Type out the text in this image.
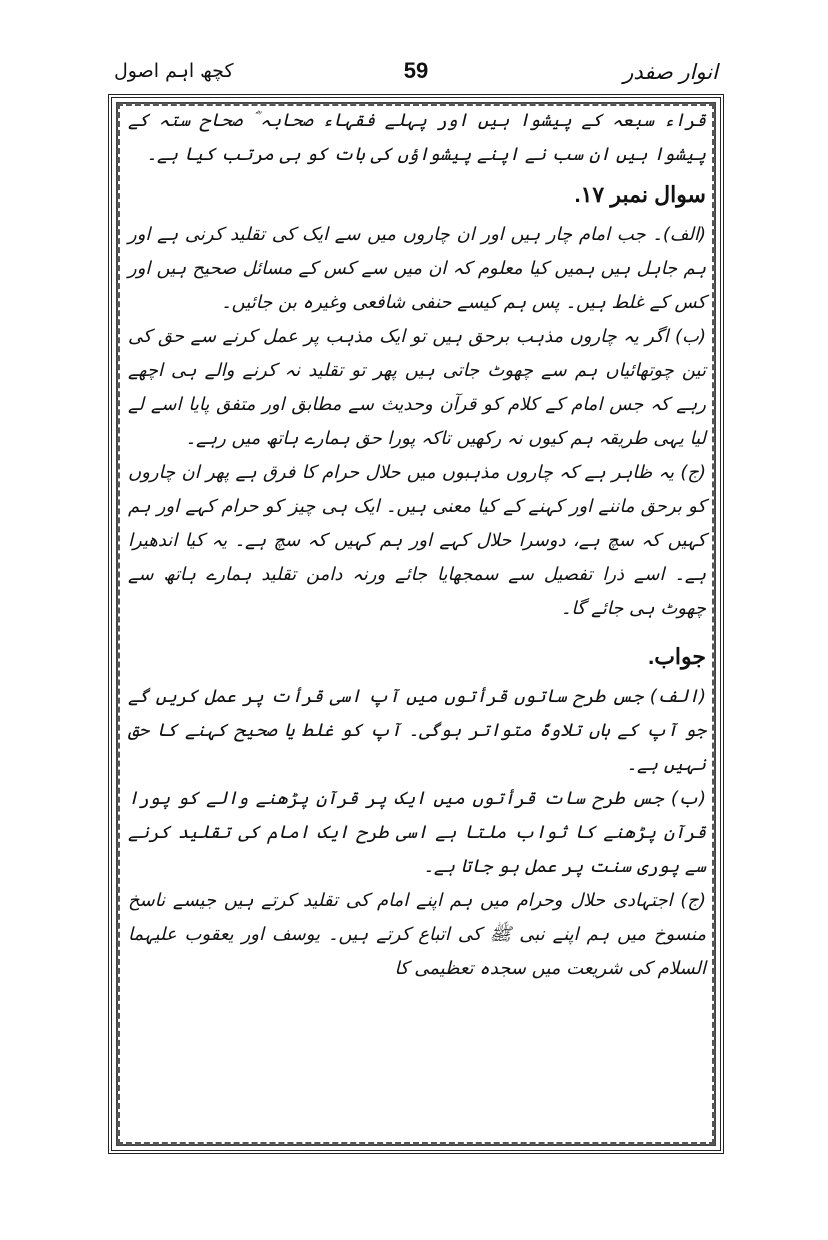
انوار صفدر
59
کچھ اہم اصول

قراء سبعہ کے پیشوا ہیں اور پہلے فقہاء صحابہ ؓ صحاح ستہ کے پیشوا ہیں ان سب نے اپنے پیشواؤں کی بات کو ہی مرتب کیا ہے۔

سوال نمبر ۱۷.

(الف)۔ جب امام چار ہیں اور ان چاروں میں سے ایک کی تقلید کرنی ہے اور ہم جاہل ہیں ہمیں کیا معلوم کہ ان میں سے کس کے مسائل صحیح ہیں اور کس کے غلط ہیں۔ پس ہم کیسے حنفی شافعی وغیرہ بن جائیں۔

(ب) اگر یہ چاروں مذہب برحق ہیں تو ایک مذہب پر عمل کرنے سے حق کی تین چوتھائیاں ہم سے چھوٹ جاتی ہیں پھر تو تقلید نہ کرنے والے ہی اچھے رہے کہ جس امام کے کلام کو قرآن وحدیث سے مطابق اور متفق پایا اسے لے لیا یہی طریقہ ہم کیوں نہ رکھیں تاکہ پورا حق ہمارے ہاتھ میں رہے۔

(ج) یہ ظاہر ہے کہ چاروں مذہبوں میں حلال حرام کا فرق ہے پھر ان چاروں کو برحق ماننے اور کہنے کے کیا معنی ہیں۔ ایک ہی چیز کو حرام کہے اور ہم کہیں کہ سچ ہے، دوسرا حلال کہے اور ہم کہیں کہ سچ ہے۔ یہ کیا اندھیرا ہے۔ اسے ذرا تفصیل سے سمجھایا جائے ورنہ دامن تقلید ہمارے ہاتھ سے چھوٹ ہی جائے گا۔

جواب.

(الف) جس طرح ساتوں قرأتوں میں آپ اسی قرأت پر عمل کریں گے جو آپ کے ہاں تلاوۃً متواتر ہوگی۔ آپ کو غلط یا صحیح کہنے کا حق نہیں ہے۔

(ب) جس طرح سات قرأتوں میں ایک پر قرآن پڑھنے والے کو پورا قرآن پڑھنے کا ثواب ملتا ہے اسی طرح ایک امام کی تقلید کرنے سے پوری سنت پر عمل ہو جاتا ہے۔

(ج) اجتہادی حلال وحرام میں ہم اپنے امام کی تقلید کرتے ہیں جیسے ناسخ منسوخ میں ہم اپنے نبی ﷺ کی اتباع کرتے ہیں۔ یوسف اور یعقوب علیہما السلام کی شریعت میں سجدہ تعظیمی کا
